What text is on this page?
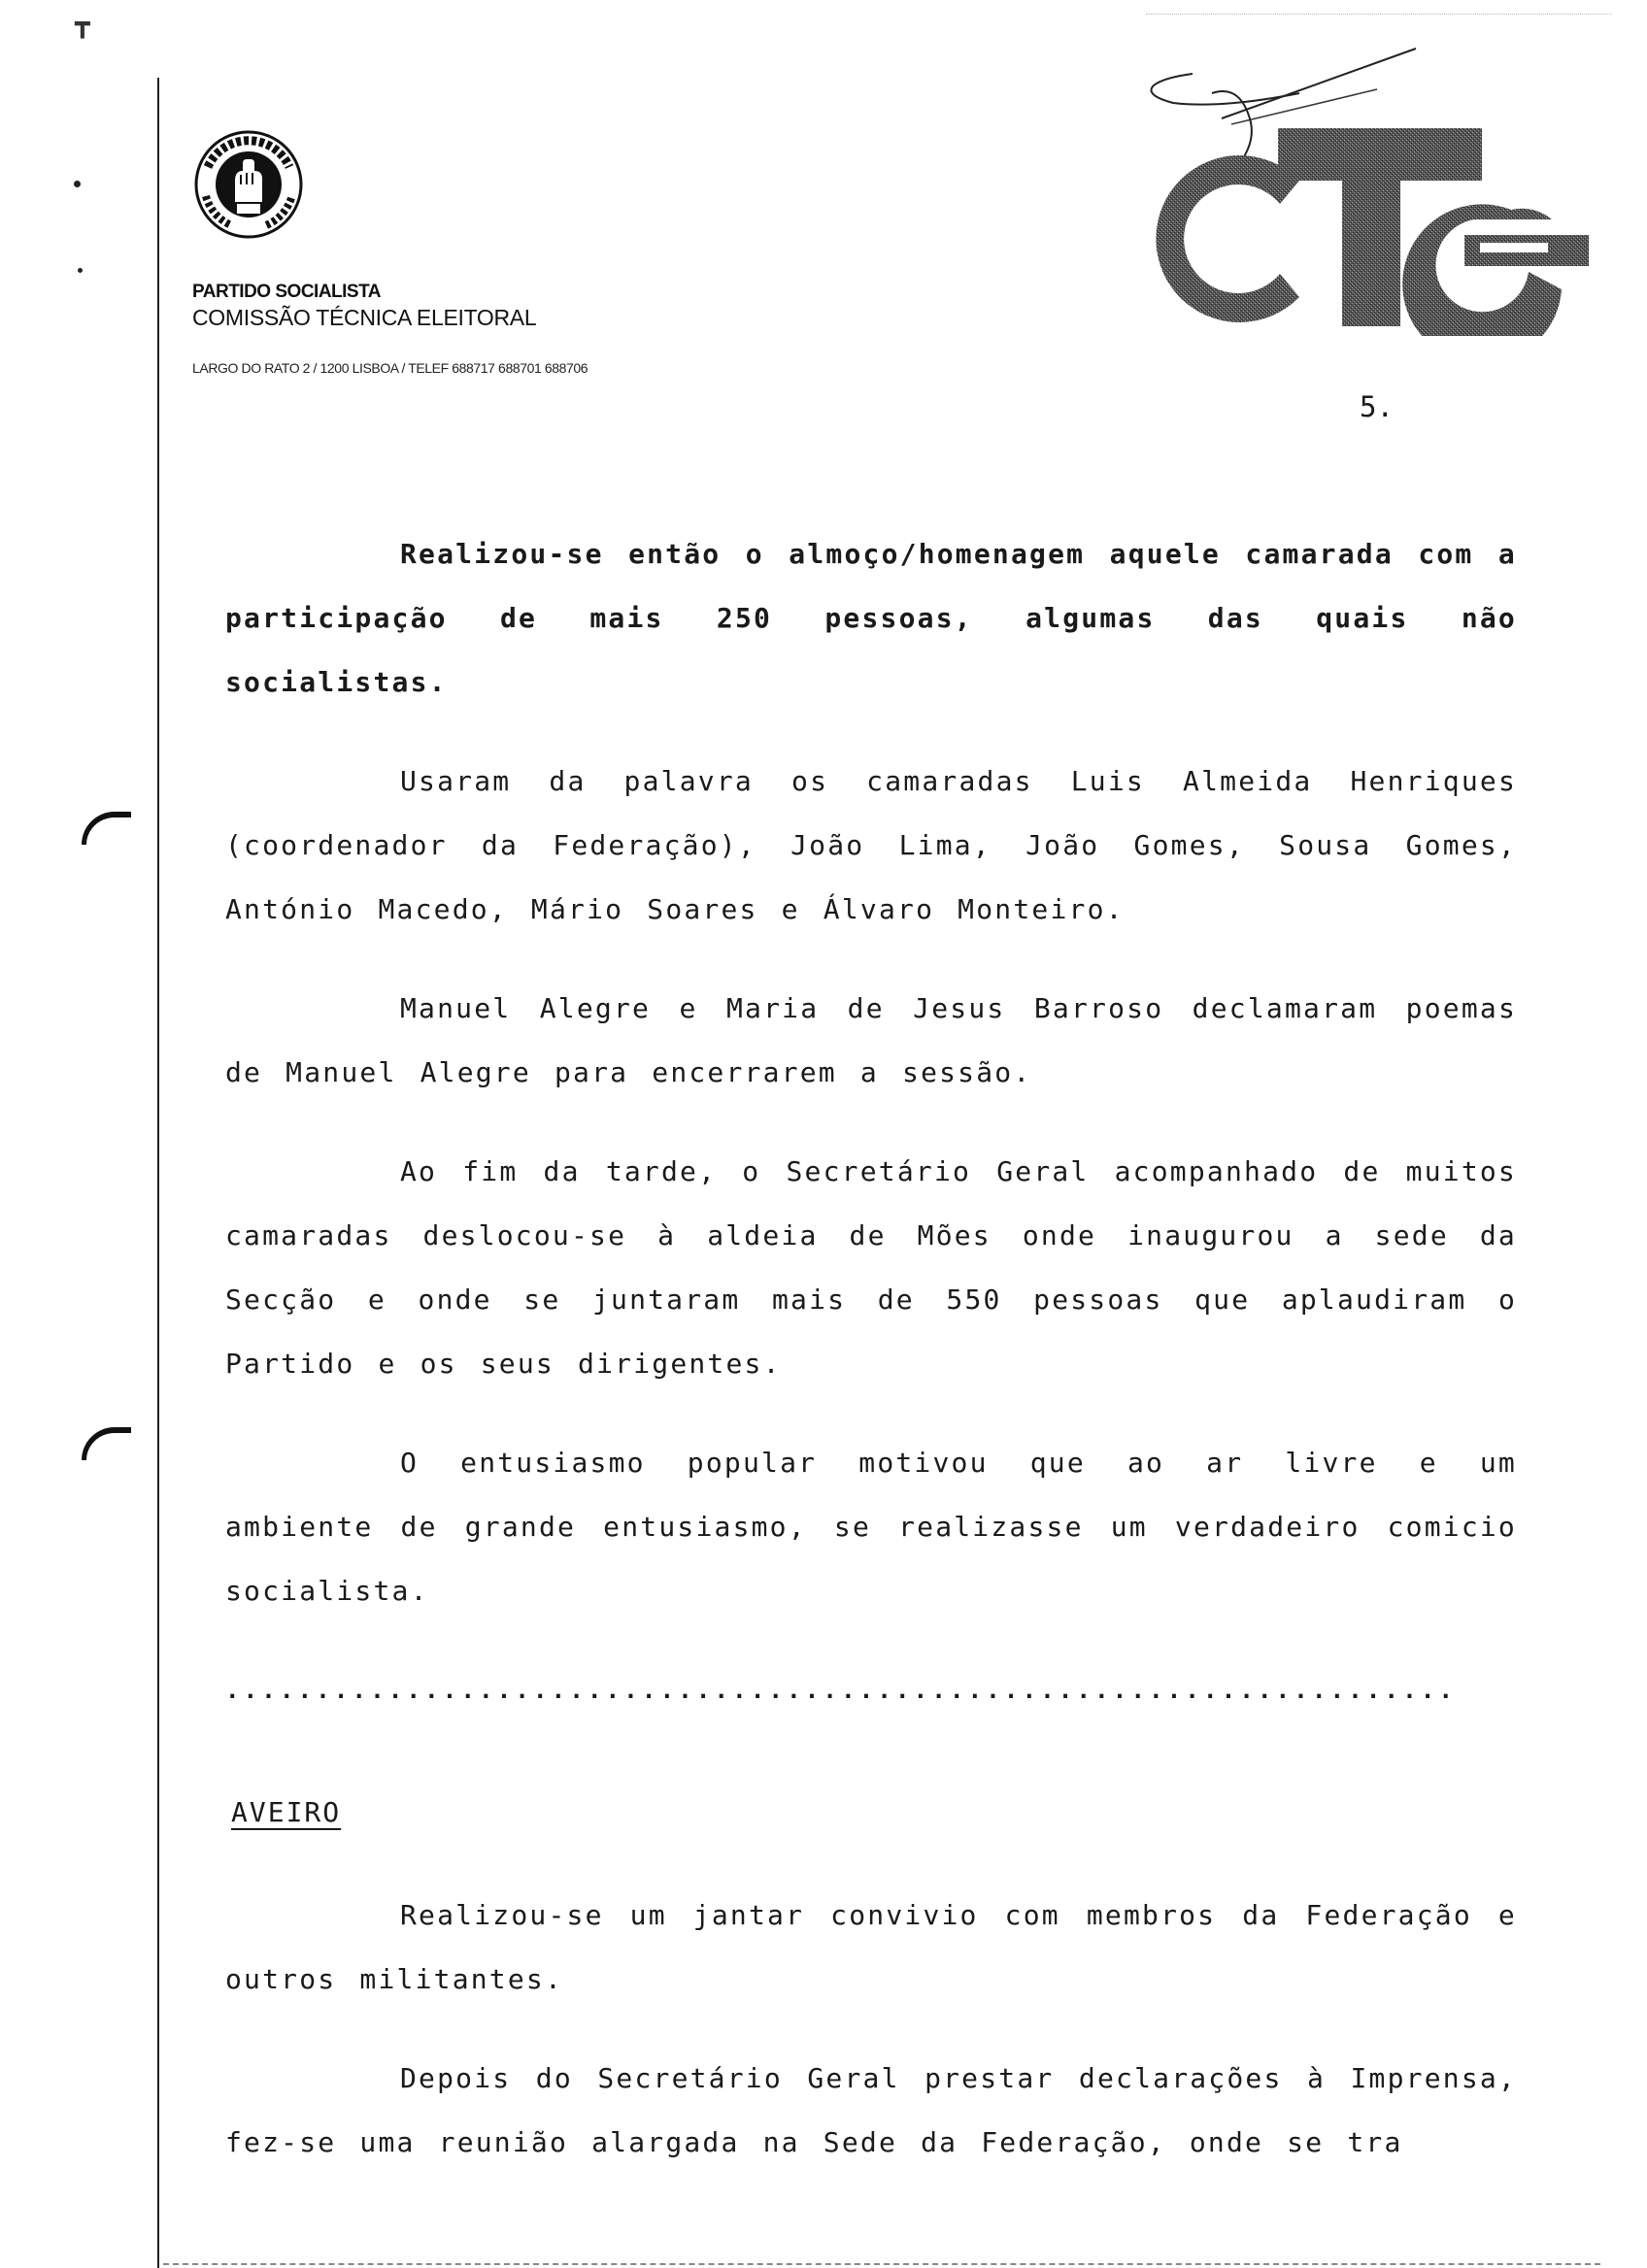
┳

PARTIDO SOCIALISTA

COMISSÃO TÉCNICA ELEITORAL

LARGO DO RATO 2 / 1200 LISBOA / TELEF 688717 688701 688706

5.

Realizou-se então o almoço/homenagem aquele camarada com a participação de mais 250 pessoas, algumas das quais não socialistas.

Usaram da palavra os camaradas Luis Almeida Henriques (coordenador da Federação), João Lima, João Gomes, Sousa Gomes, António Macedo, Mário Soares e Álvaro Monteiro.

Manuel Alegre e Maria de Jesus Barroso declamaram poemas de Manuel Alegre para encerrarem a sessão.

Ao fim da tarde, o Secretário Geral acompanhado de muitos camaradas deslocou-se à aldeia de Mões onde inaugurou a sede da Secção e onde se juntaram mais de 550 pessoas que aplaudiram o Partido e os seus dirigentes.

O entusiasmo popular motivou que ao ar livre e um ambiente de grande entusiasmo, se realizasse um verdadeiro comicio socialista.

....................................................................
AVEIRO

Realizou-se um jantar convivio com membros da Federação e outros militantes.

Depois do Secretário Geral prestar declarações à Imprensa, fez-se uma reunião alargada na Sede da Federação, onde se tra
